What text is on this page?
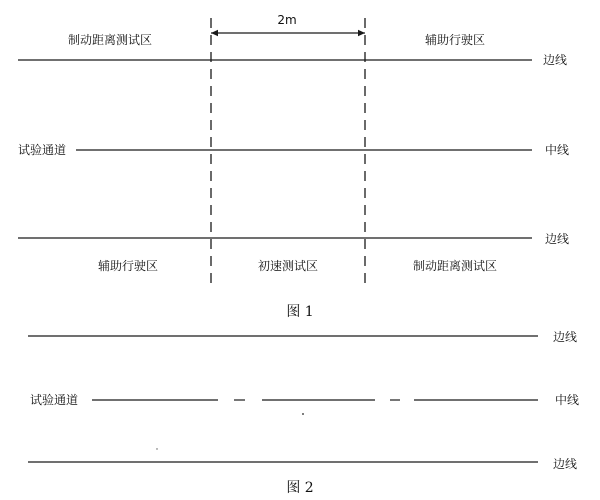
2m
制动距离测试区	辅助行驶区
边线
试验通道	中线
边线
辅助行驶区	初速测试区	制动距离测试区
图 1
边线
试验通道	中线
边线
图 2
